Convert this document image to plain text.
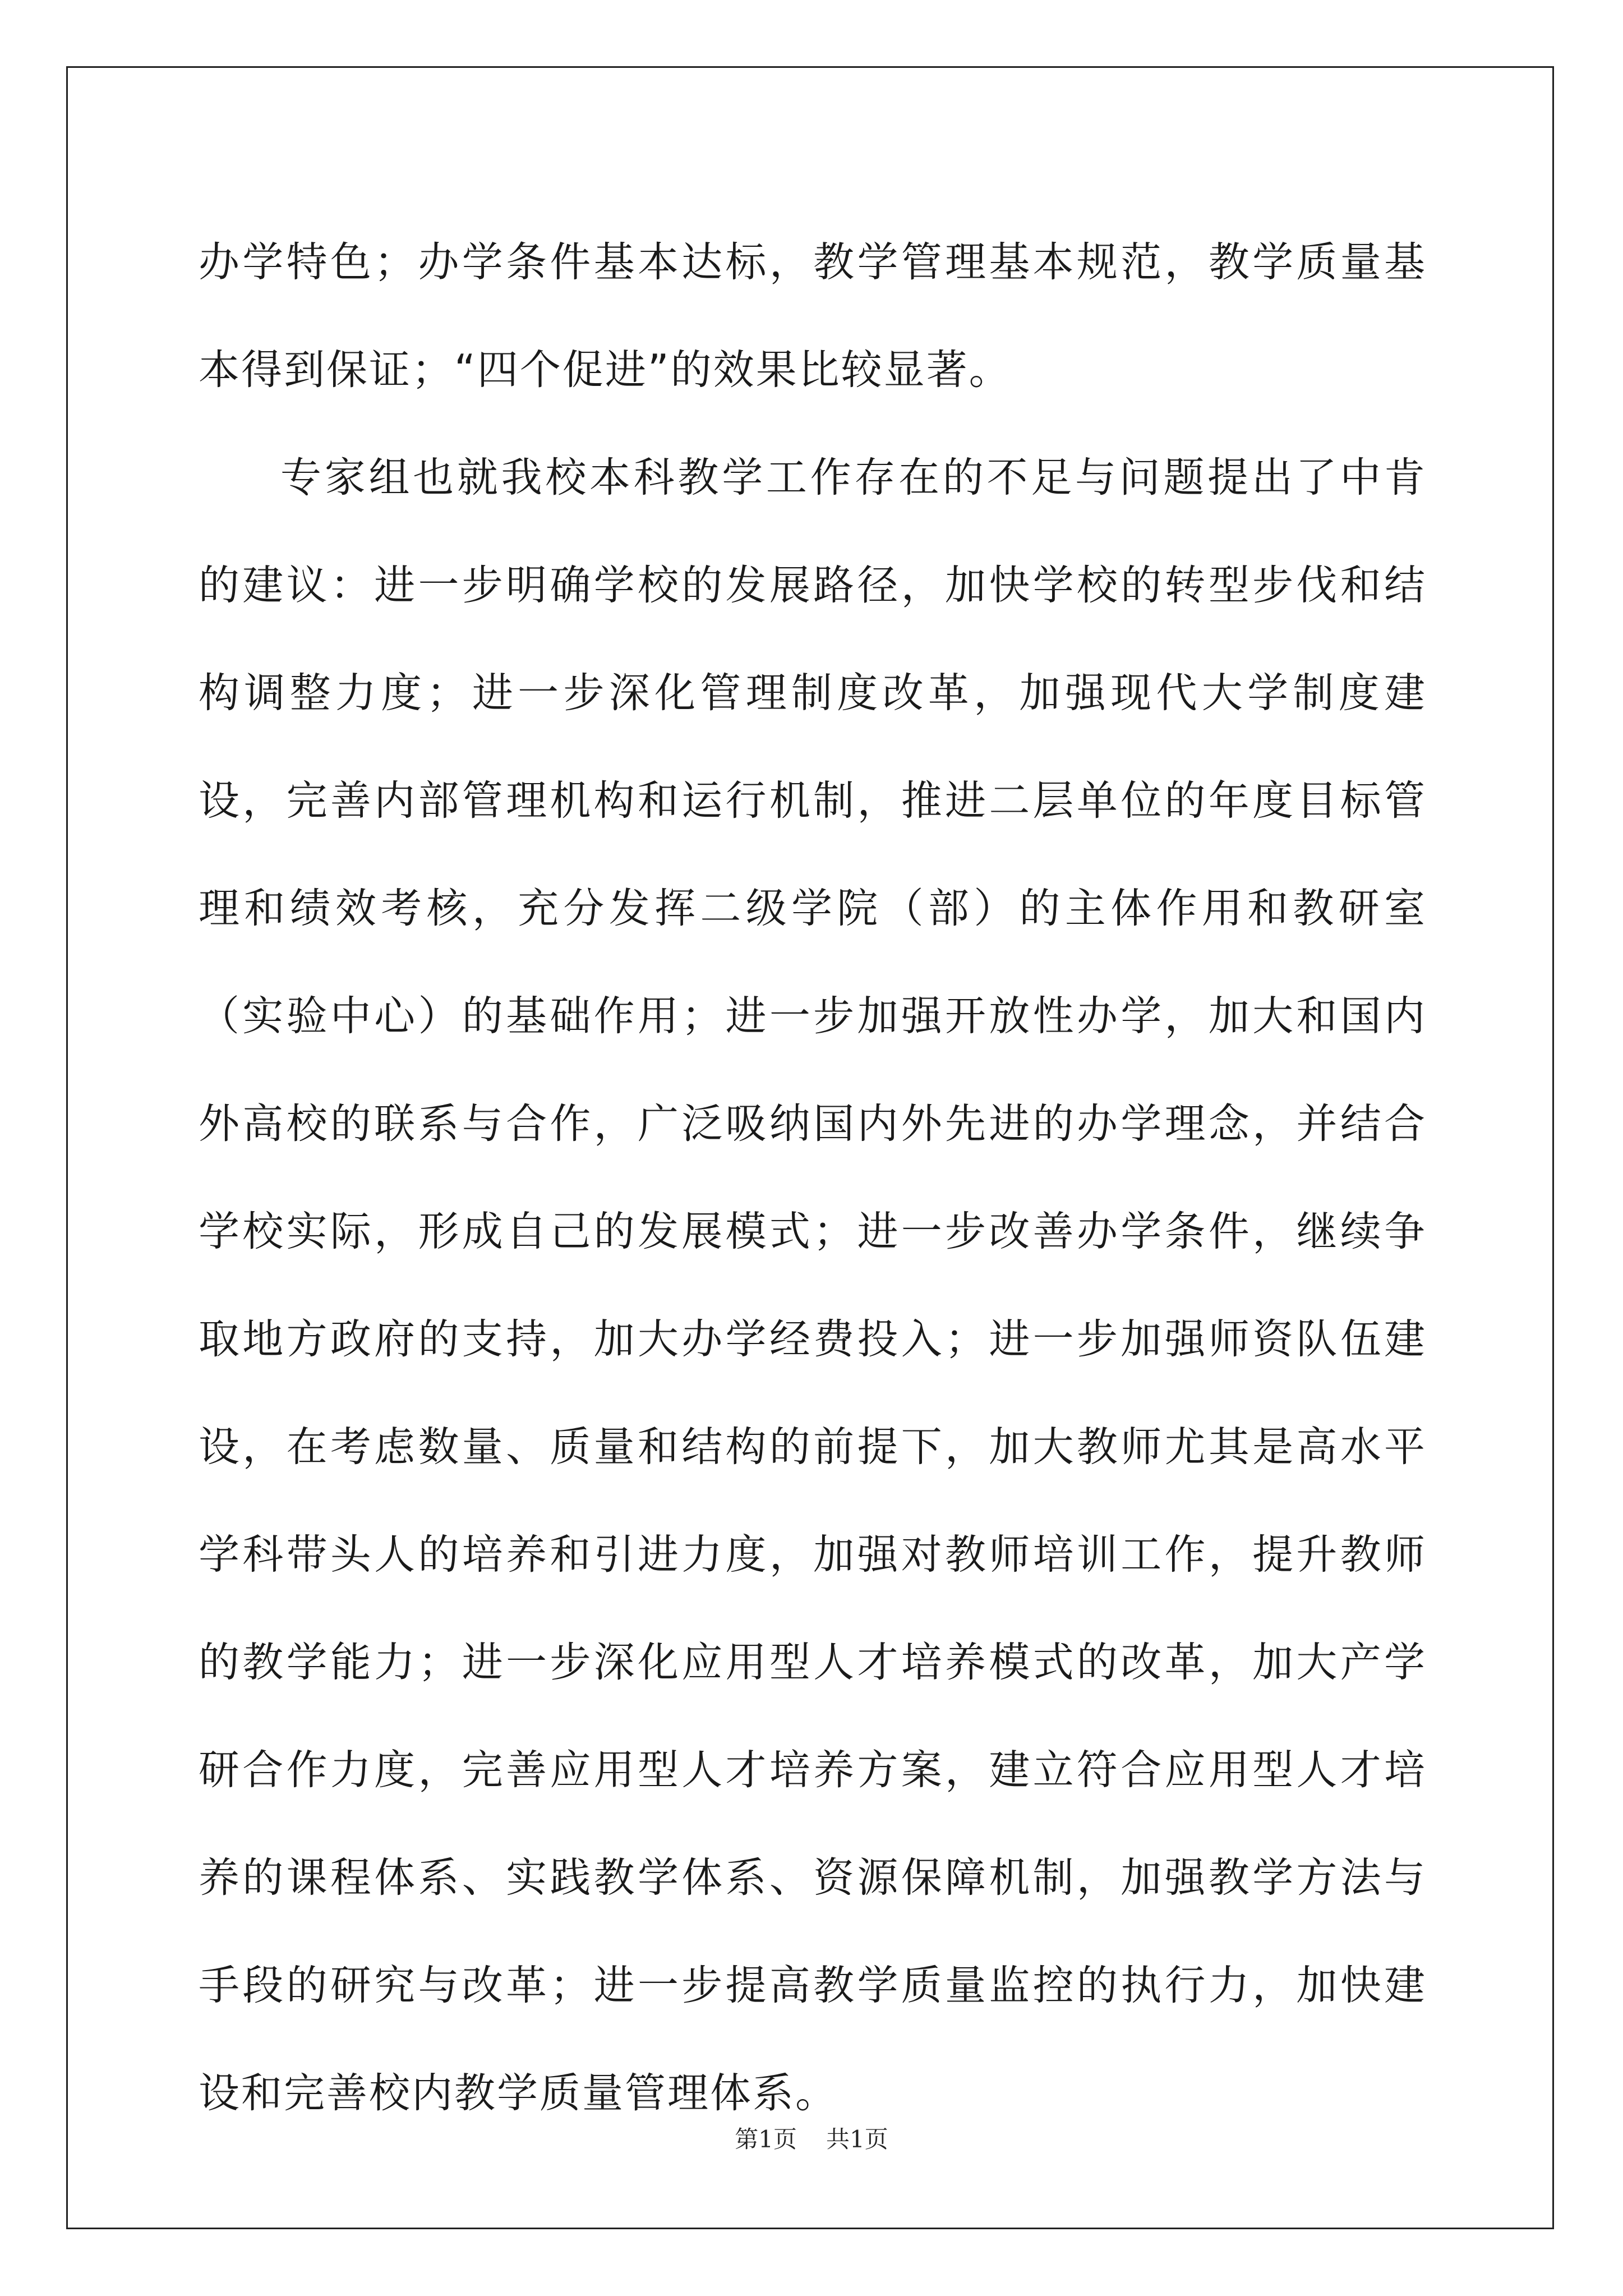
办学特色；办学条件基本达标，教学管理基本规范，教学质量基本得到保证；“四个促进”的效果比较显著。

专家组也就我校本科教学工作存在的不足与问题提出了中肯的建议：进一步明确学校的发展路径，加快学校的转型步伐和结构调整力度；进一步深化管理制度改革，加强现代大学制度建设，完善内部管理机构和运行机制，推进二层单位的年度目标管理和绩效考核，充分发挥二级学院（部）的主体作用和教研室（实验中心）的基础作用；进一步加强开放性办学，加大和国内外高校的联系与合作，广泛吸纳国内外先进的办学理念，并结合学校实际，形成自己的发展模式；进一步改善办学条件，继续争取地方政府的支持，加大办学经费投入；进一步加强师资队伍建设，在考虑数量、质量和结构的前提下，加大教师尤其是高水平学科带头人的培养和引进力度，加强对教师培训工作，提升教师的教学能力；进一步深化应用型人才培养模式的改革，加大产学研合作力度，完善应用型人才培养方案，建立符合应用型人才培养的课程体系、实践教学体系、资源保障机制，加强教学方法与手段的研究与改革；进一步提高教学质量监控的执行力，加快建设和完善校内教学质量管理体系。

第1页 共1页
